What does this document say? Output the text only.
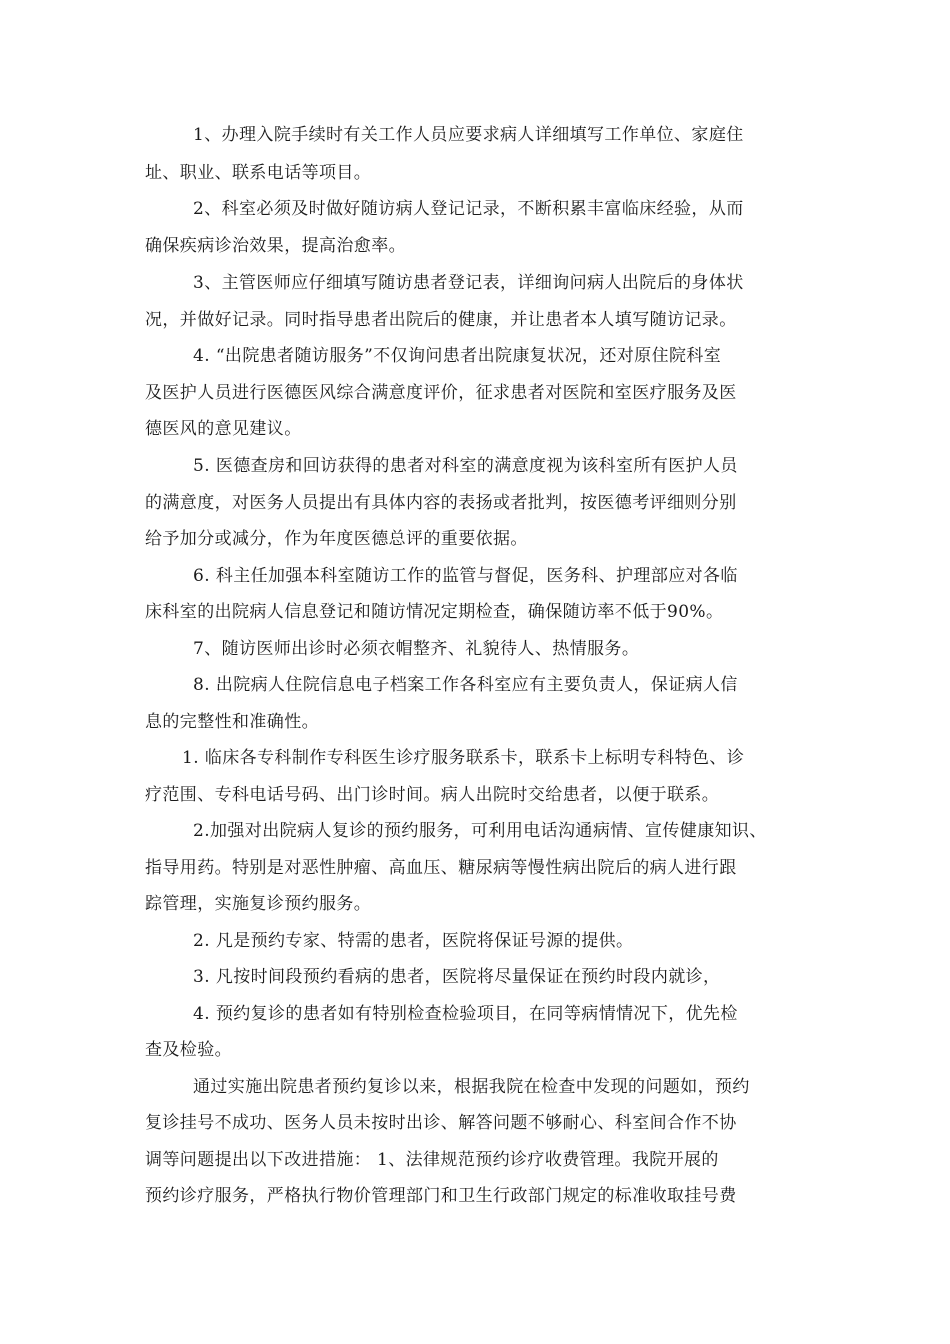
1、办理入院手续时有关工作人员应要求病人详细填写工作单位、家庭住
址、职业、联系电话等项目。
2、科室必须及时做好随访病人登记记录，不断积累丰富临床经验，从而
确保疾病诊治效果，提高治愈率。
3、主管医师应仔细填写随访患者登记表，详细询问病人出院后的身体状
况，并做好记录。同时指导患者出院后的健康，并让患者本人填写随访记录。
4. “出院患者随访服务”不仅询问患者出院康复状况，还对原住院科室
及医护人员进行医德医风综合满意度评价，征求患者对医院和室医疗服务及医
德医风的意见建议。
5. 医德查房和回访获得的患者对科室的满意度视为该科室所有医护人员
的满意度，对医务人员提出有具体内容的表扬或者批判，按医德考评细则分别
给予加分或减分，作为年度医德总评的重要依据。
6. 科主任加强本科室随访工作的监管与督促，医务科、护理部应对各临
床科室的出院病人信息登记和随访情况定期检查，确保随访率不低于90%。
7、随访医师出诊时必须衣帽整齐、礼貌待人、热情服务。
8. 出院病人住院信息电子档案工作各科室应有主要负责人，保证病人信
息的完整性和准确性。
1. 临床各专科制作专科医生诊疗服务联系卡，联系卡上标明专科特色、诊
疗范围、专科电话号码、出门诊时间。病人出院时交给患者，以便于联系。
2.加强对出院病人复诊的预约服务，可利用电话沟通病情、宣传健康知识、
指导用药。特别是对恶性肿瘤、高血压、糖尿病等慢性病出院后的病人进行跟
踪管理，实施复诊预约服务。
2. 凡是预约专家、特需的患者，医院将保证号源的提供。
3. 凡按时间段预约看病的患者，医院将尽量保证在预约时段内就诊，
4. 预约复诊的患者如有特别检查检验项目，在同等病情情况下，优先检
查及检验。
通过实施出院患者预约复诊以来，根据我院在检查中发现的问题如，预约
复诊挂号不成功、医务人员未按时出诊、解答问题不够耐心、科室间合作不协
调等问题提出以下改进措施： 1、法律规范预约诊疗收费管理。我院开展的
预约诊疗服务，严格执行物价管理部门和卫生行政部门规定的标准收取挂号费
